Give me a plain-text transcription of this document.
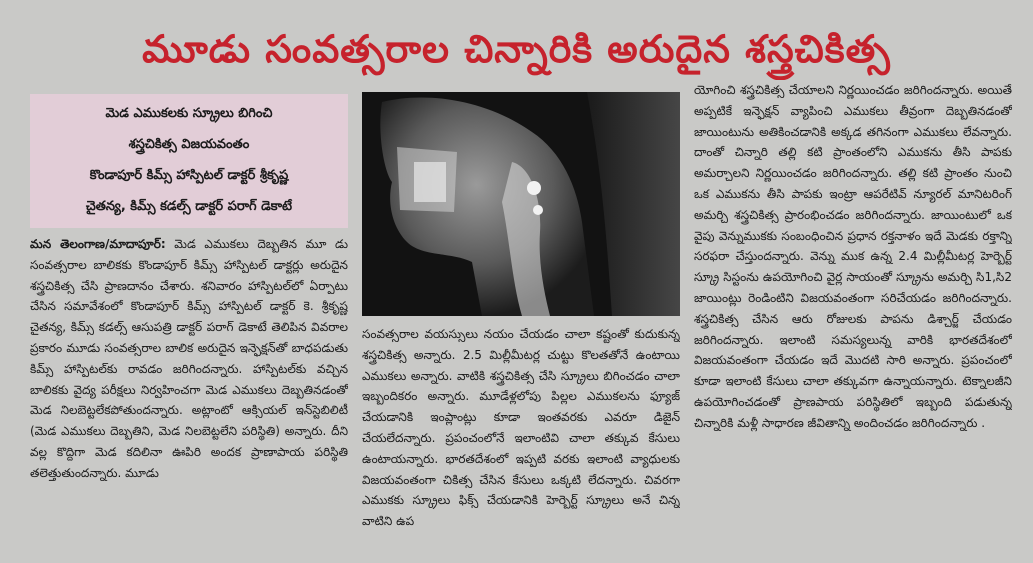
మూడు సంవత్సరాల చిన్నారికి అరుదైన శస్త్రచికిత్స
మెడ ఎముకలకు స్క్రూలు బిగించి
శస్త్రచికిత్స విజయవంతం
కొండాపూర్ కిమ్స్ హాస్పిటల్ డాక్టర్ శ్రీకృష్ణ
చైతన్య, కిమ్స్ కడల్స్ డాక్టర్ పరాగ్ డెకాటే

మన తెలంగాణ/మాదాపూర్: మెడ ఎముకలు దెబ్బతిన మూ డు సంవత్సరాల బాలికకు కొండాపూర్ కిమ్స్ హాస్పిటల్ డాక్టర్లు అరుదైన శస్త్రచికిత్స చేసి ప్రాణదానం చేశారు. శనివారం హాస్పిటల్‌లో ఏర్పాటు చేసిన సమావేశంలో కొండాపూర్ కిమ్స్ హాస్పిటల్ డాక్టర్ కె. శ్రీకృష్ణ చైతన్య, కిమ్స్ కడల్స్ ఆసుపత్రి డాక్టర్ పరాగ్ డెకాటే తెలిపిన వివరాల ప్రకారం మూడు సంవత్సరాల బాలిక అరుదైన ఇన్ఫెక్షన్‌తో బాధపడుతు కిమ్స్ హాస్పిటల్‌కు రావడం జరిగిందన్నారు. హాస్పిటల్‌కు వచ్చిన బాలికకు వైద్య పరీక్షలు నిర్వహించగా మెడ ఎముకలు దెబ్బతినడంతో మెడ నిలబెట్టలేకపోతుందన్నారు. అట్లాంటో ఆక్సియల్ ఇన్‌స్టెబిలిటీ (మెడ ఎముకలు దెబ్బతిని, మెడ నిలబెట్టలేని పరిస్థితి) అన్నారు. దీని వల్ల కొద్దిగా మెడ కదిలినా ఊపిరి అందక ప్రాణాపాయ పరిస్థితి తలెత్తుతుందన్నారు. మూడు

సంవత్సరాల వయస్సులు నయం చేయడం చాలా కష్టంతో కుదుకున్న శస్త్రచికిత్స అన్నారు. 2.5 మిల్లీమీటర్ల చుట్టు కొలతతోనే ఉంటాయి ఎముకలు అన్నారు. వాటికి శస్త్రచికిత్స చేసి స్క్రూలు బిగించడం చాలా ఇబ్బందికరం అన్నారు. మూడేళ్లలోపు పిల్లల ఎముకలను ఫ్యూజ్ చేయడానికి ఇంప్లాంట్లు కూడా ఇంతవరకు ఎవరూ డిజైన్ చేయలేదన్నారు. ప్రపంచంలోనే ఇలాంటివి చాలా తక్కువ కేసులు ఉంటాయన్నారు. భారతదేశంలో ఇప్పటి వరకు ఇలాంటి వ్యాధులకు విజయవంతంగా చికిత్స చేసిన కేసులు ఒక్కటి లేదన్నారు. చివరగా ఎముకకు స్క్రూలు ఫిక్స్ చేయడానికి హెర్బెర్ట్ స్క్రూలు అనే చిన్న వాటిని ఉప

యోగించి శస్త్రచికిత్స చేయాలని నిర్ణయించడం జరిగిందన్నారు. అయితే అప్పటికే ఇన్ఫెక్షన్ వ్యాపించి ఎముకలు తీవ్రంగా దెబ్బతినడంతో జాయింటును అతికించడానికి అక్కడ తగినంగా ఎముకలు లేవన్నారు. దాంతో చిన్నారి తల్లి కటి ప్రాంతంలోని ఎముకను తీసి పాపకు అమర్చాలని నిర్ణయించడం జరిగిందన్నారు. తల్లి కటి ప్రాంతం నుంచి ఒక ఎముకను తీసి పాపకు ఇంట్రా ఆపరేటివ్ న్యూరల్ మానిటరింగ్ అమర్చి శస్త్రచికిత్స ప్రారంభించడం జరిగిందన్నారు. జాయింటులో ఒక వైపు వెన్నుముకకు సంబంధించిన ప్రధాన రక్తనాళం ఇదే మెడకు రక్తాన్ని సరఫరా చేస్తుందన్నారు. వెన్ను ముక ఉన్న 2.4 మిల్లీమీటర్ల హెర్బెర్ట్ స్క్రూ సిస్టంను ఉపయోగించి వైర్ల సాయంతో స్క్రూను అమర్చి సి1,సి2 జాయింట్లు రెండింటిని విజయవంతంగా సరిచేయడం జరిగిందన్నారు. శస్త్రచికిత్స చేసిన ఆరు రోజులకు పాపను డిశ్చార్జ్ చేయడం జరిగిందన్నారు. ఇలాంటి సమస్యలున్న వారికి భారతదేశంలో విజయవంతంగా చేయడం ఇదే మొదటి సారి అన్నారు. ప్రపంచంలో కూడా ఇలాంటి కేసులు చాలా తక్కువగా ఉన్నాయన్నారు. టెక్నాలజీని ఉపయోగించడంతో ప్రాణపాయ పరిస్థితిలో ఇబ్బంది పడుతున్న చిన్నారికి మళ్లీ సాధారణ జీవితాన్ని అందించడం జరిగిందన్నారు .
